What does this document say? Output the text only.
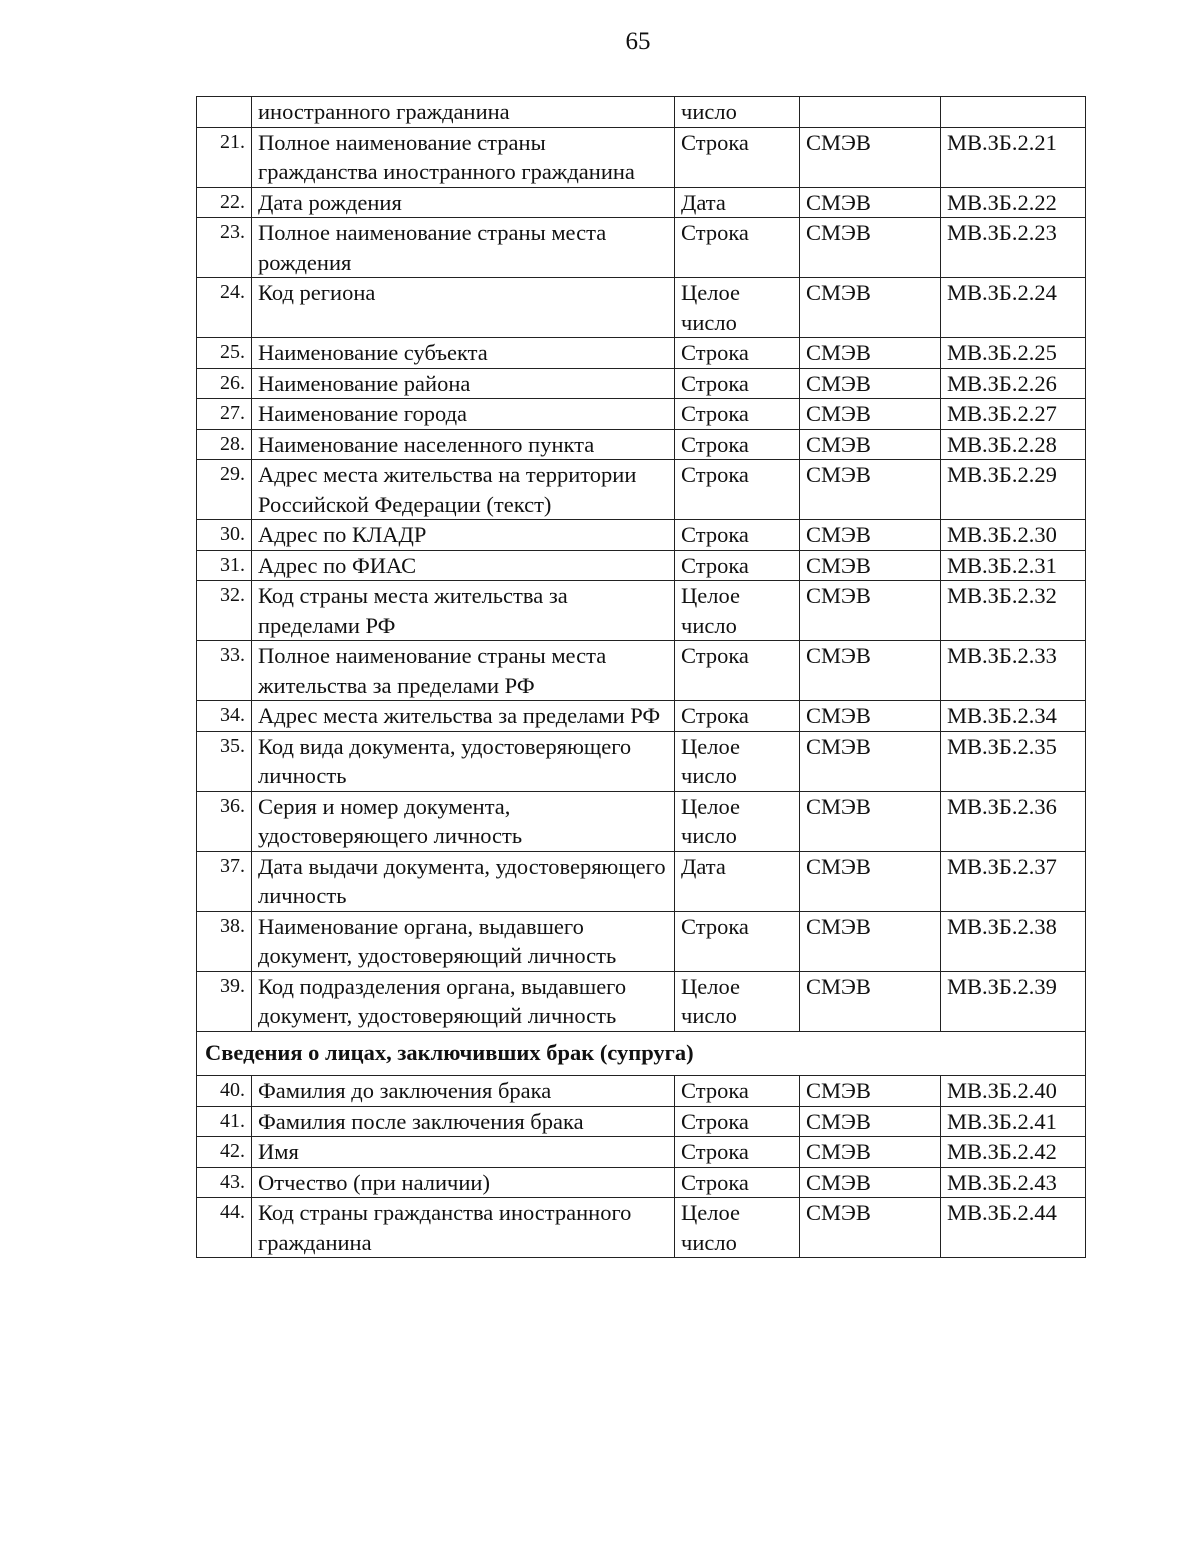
65
	иностранного гражданина	число		
21.	Полное наименование страны гражданства иностранного гражданина	Строка	СМЭВ	МВ.ЗБ.2.21
22.	Дата рождения	Дата	СМЭВ	МВ.ЗБ.2.22
23.	Полное наименование страны места рождения	Строка	СМЭВ	МВ.ЗБ.2.23
24.	Код региона	Целое число	СМЭВ	МВ.ЗБ.2.24
25.	Наименование субъекта	Строка	СМЭВ	МВ.ЗБ.2.25
26.	Наименование района	Строка	СМЭВ	МВ.ЗБ.2.26
27.	Наименование города	Строка	СМЭВ	МВ.ЗБ.2.27
28.	Наименование населенного пункта	Строка	СМЭВ	МВ.ЗБ.2.28
29.	Адрес места жительства на территории Российской Федерации (текст)	Строка	СМЭВ	МВ.ЗБ.2.29
30.	Адрес по КЛАДР	Строка	СМЭВ	МВ.ЗБ.2.30
31.	Адрес по ФИАС	Строка	СМЭВ	МВ.ЗБ.2.31
32.	Код страны места жительства за пределами РФ	Целое число	СМЭВ	МВ.ЗБ.2.32
33.	Полное наименование страны места жительства за пределами РФ	Строка	СМЭВ	МВ.ЗБ.2.33
34.	Адрес места жительства за пределами РФ	Строка	СМЭВ	МВ.ЗБ.2.34
35.	Код вида документа, удостоверяющего личность	Целое число	СМЭВ	МВ.ЗБ.2.35
36.	Серия и номер документа, удостоверяющего личность	Целое число	СМЭВ	МВ.ЗБ.2.36
37.	Дата выдачи документа, удостоверяющего личность	Дата	СМЭВ	МВ.ЗБ.2.37
38.	Наименование органа, выдавшего документ, удостоверяющий личность	Строка	СМЭВ	МВ.ЗБ.2.38
39.	Код подразделения органа, выдавшего документ, удостоверяющий личность	Целое число	СМЭВ	МВ.ЗБ.2.39
Сведения о лицах, заключивших брак (супруга)				
40.	Фамилия до заключения брака	Строка	СМЭВ	МВ.ЗБ.2.40
41.	Фамилия после заключения брака	Строка	СМЭВ	МВ.ЗБ.2.41
42.	Имя	Строка	СМЭВ	МВ.ЗБ.2.42
43.	Отчество (при наличии)	Строка	СМЭВ	МВ.ЗБ.2.43
44.	Код страны гражданства иностранного гражданина	Целое число	СМЭВ	МВ.ЗБ.2.44
